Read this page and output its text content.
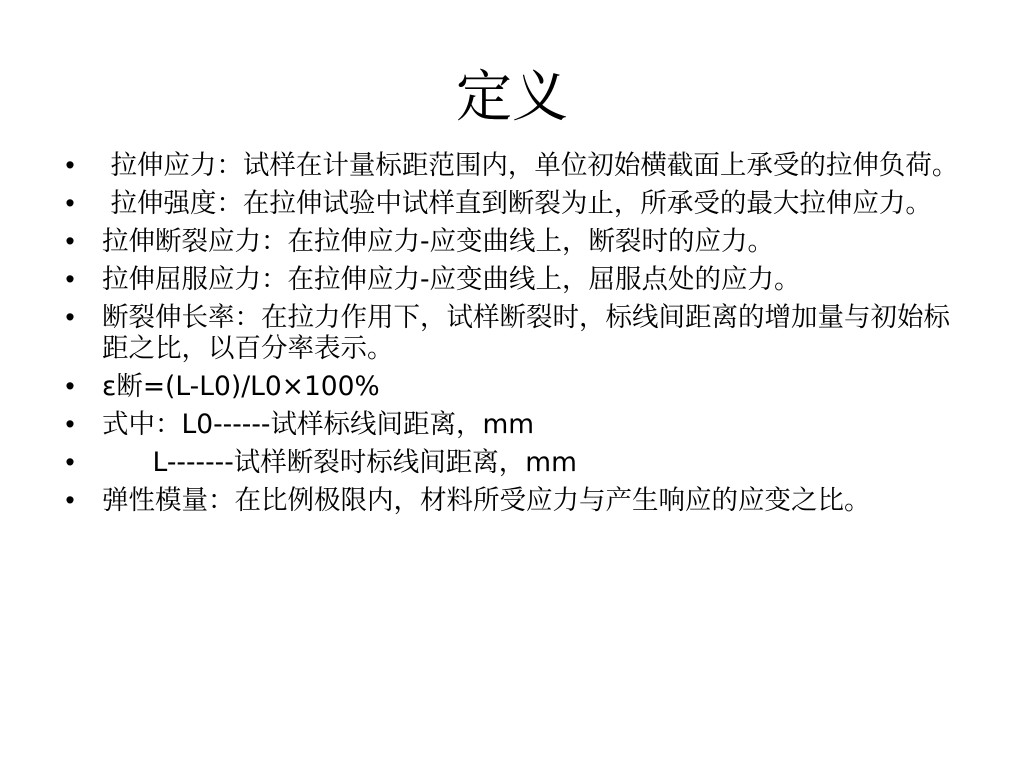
定义
• 拉伸应力：试样在计量标距范围内，单位初始横截面上承受的拉伸负荷。
• 拉伸强度：在拉伸试验中试样直到断裂为止，所承受的最大拉伸应力。
• 拉伸断裂应力：在拉伸应力-应变曲线上，断裂时的应力。
• 拉伸屈服应力：在拉伸应力-应变曲线上，屈服点处的应力。
• 断裂伸长率：在拉力作用下，试样断裂时，标线间距离的增加量与初始标距之比，以百分率表示。
• ε断=(L-L0)/L0×100%
• 式中：L0------试样标线间距离，mm
• L-------试样断裂时标线间距离，mm
• 弹性模量：在比例极限内，材料所受应力与产生响应的应变之比。
